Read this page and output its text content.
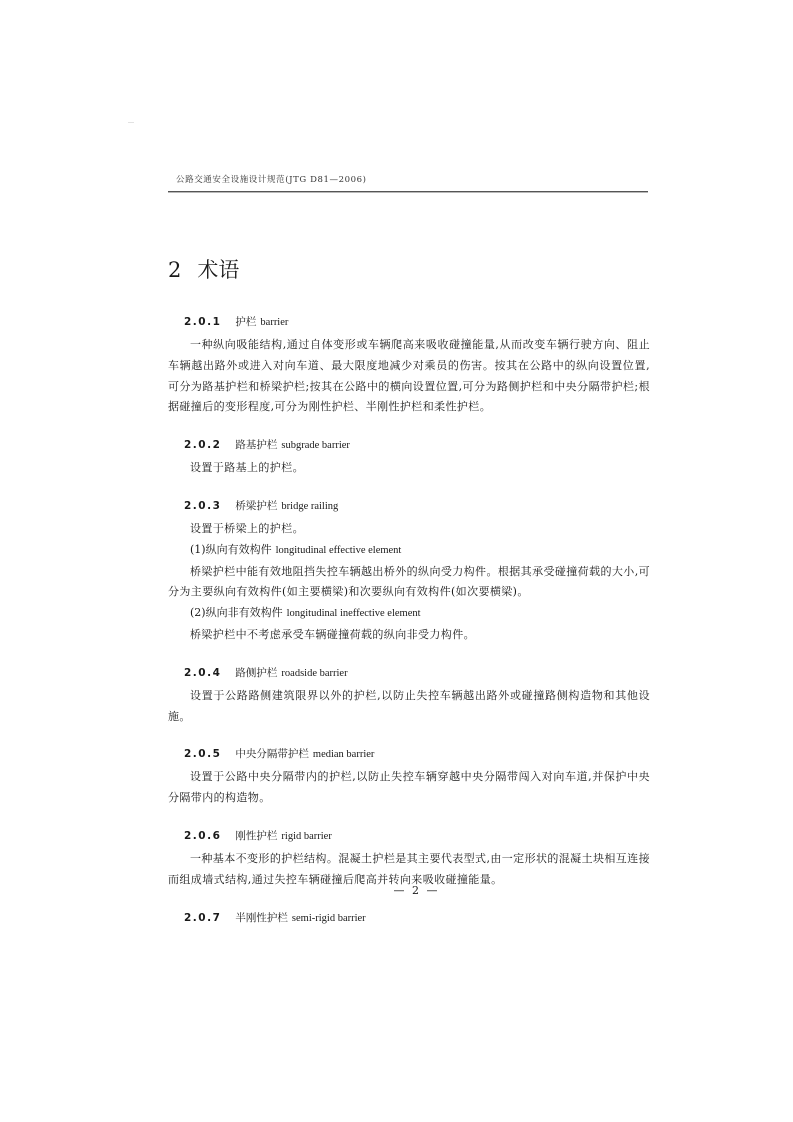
公路交通安全设施设计规范(JTG D81—2006)
2 术语
2.0.1 护栏 barrier

一种纵向吸能结构,通过自体变形或车辆爬高来吸收碰撞能量,从而改变车辆行驶方向、阻止车辆越出路外或进入对向车道、最大限度地减少对乘员的伤害。按其在公路中的纵向设置位置,可分为路基护栏和桥梁护栏;按其在公路中的横向设置位置,可分为路侧护栏和中央分隔带护栏;根据碰撞后的变形程度,可分为刚性护栏、半刚性护栏和柔性护栏。

2.0.2 路基护栏 subgrade barrier

设置于路基上的护栏。

2.0.3 桥梁护栏 bridge railing

设置于桥梁上的护栏。

(1)纵向有效构件 longitudinal effective element

桥梁护栏中能有效地阻挡失控车辆越出桥外的纵向受力构件。根据其承受碰撞荷载的大小,可分为主要纵向有效构件(如主要横梁)和次要纵向有效构件(如次要横梁)。

(2)纵向非有效构件 longitudinal ineffective element

桥梁护栏中不考虑承受车辆碰撞荷载的纵向非受力构件。

2.0.4 路侧护栏 roadside barrier

设置于公路路侧建筑限界以外的护栏,以防止失控车辆越出路外或碰撞路侧构造物和其他设施。

2.0.5 中央分隔带护栏 median barrier

设置于公路中央分隔带内的护栏,以防止失控车辆穿越中央分隔带闯入对向车道,并保护中央分隔带内的构造物。

2.0.6 刚性护栏 rigid barrier

一种基本不变形的护栏结构。混凝土护栏是其主要代表型式,由一定形状的混凝土块相互连接而组成墙式结构,通过失控车辆碰撞后爬高并转向来吸收碰撞能量。

2.0.7 半刚性护栏 semi-rigid barrier
— 2 —
